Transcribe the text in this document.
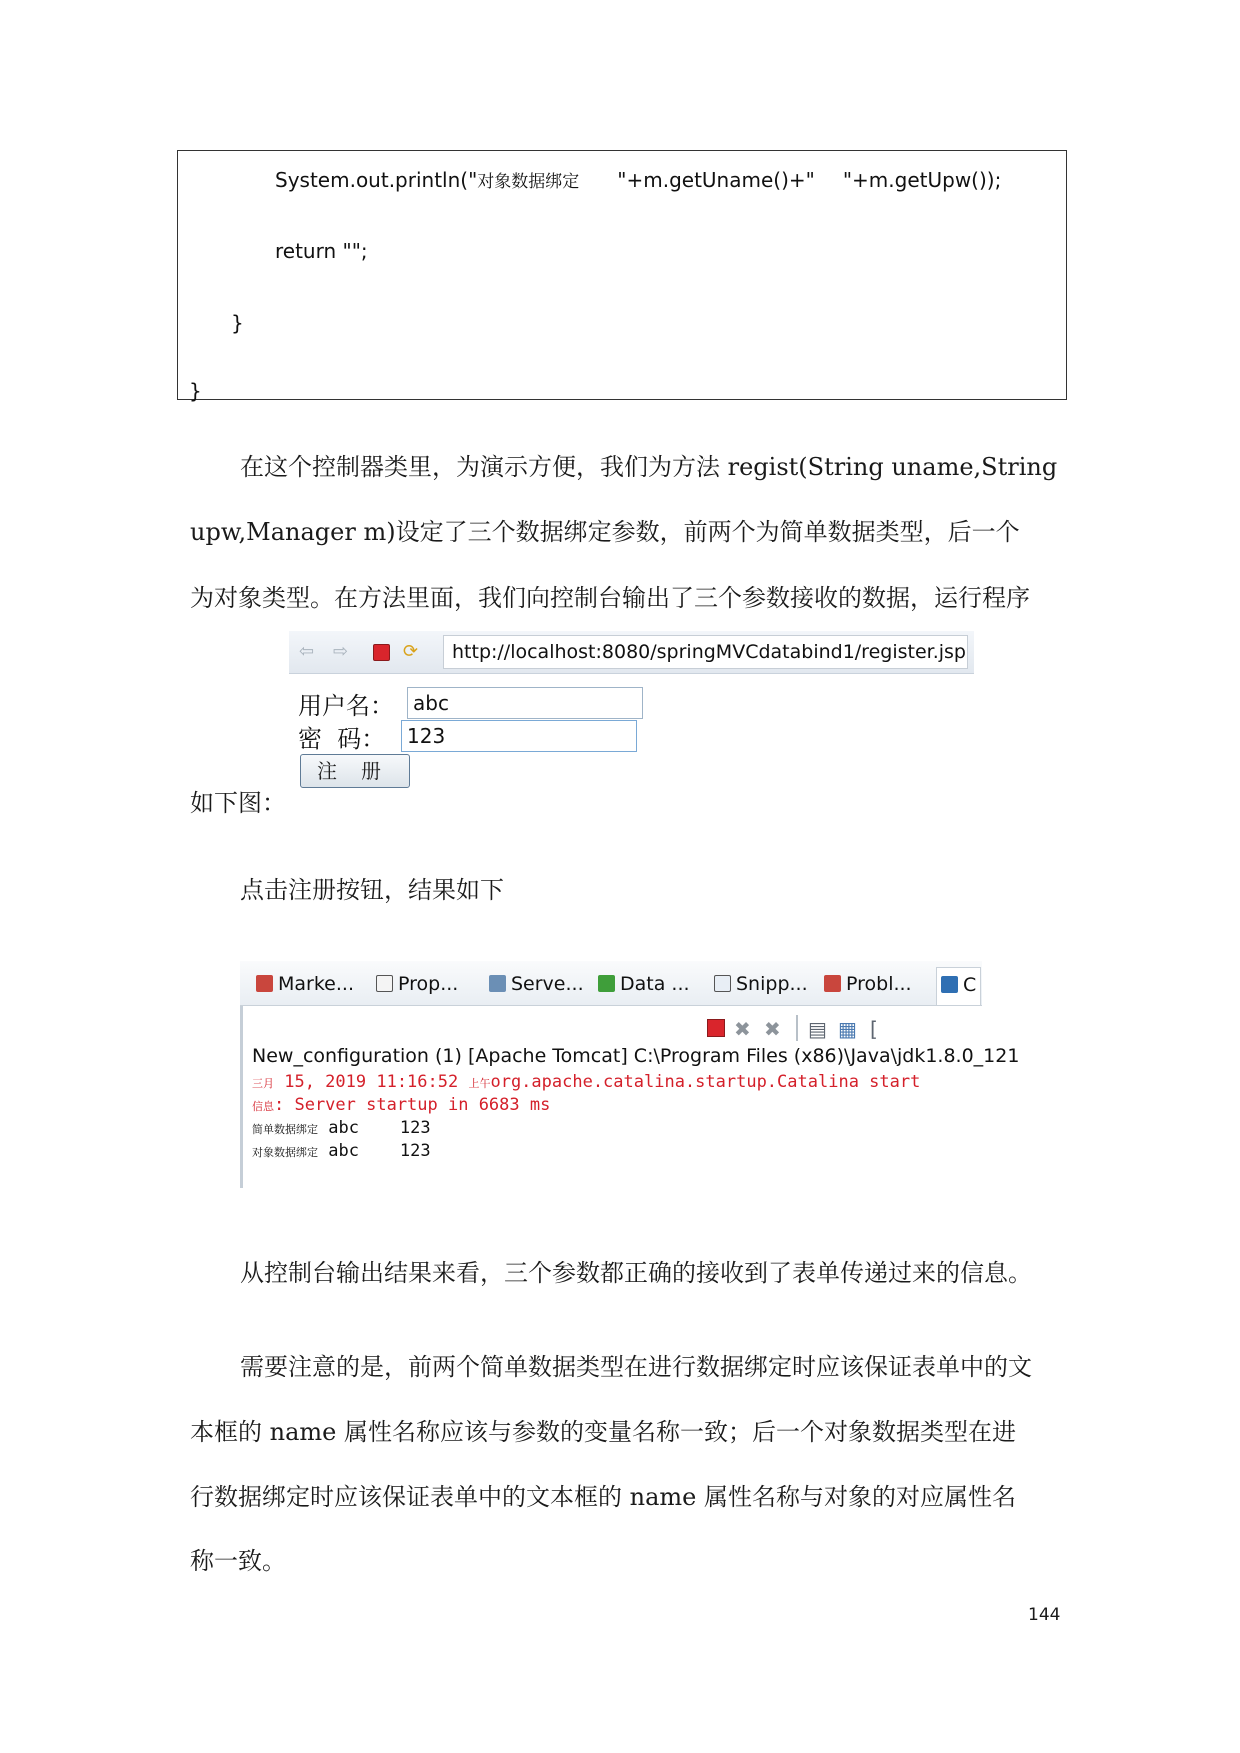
System.out.println("对象数据绑定 "+m.getUname()+" "+m.getUpw());
return "";
}
}
在这个控制器类里，为演示方便，我们为方法 regist(String uname,String
upw,Manager m)设定了三个数据绑定参数，前两个为简单数据类型，后一个
为对象类型。在方法里面，我们向控制台输出了三个参数接收的数据，运行程序
⇦ ⇨	⟳	http://localhost:8080/springMVCdatabind1/register.jsp
用户名： abc
密  码：	123
注册
如下图：
点击注册按钮，结果如下
Marke...	Prop...	Serve...	Data ...	Snipp...	Probl...	C
✖ ✖ ▤ ▦ [
New_configuration (1) [Apache Tomcat] C:\Program Files (x86)\Java\jdk1.8.0_121
三月 15, 2019 11:16:52 上午org.apache.catalina.startup.Catalina start
信息: Server startup in 6683 ms
简单数据绑定 abc    123
对象数据绑定 abc    123
从控制台输出结果来看，三个参数都正确的接收到了表单传递过来的信息。
需要注意的是，前两个简单数据类型在进行数据绑定时应该保证表单中的文
本框的 name 属性名称应该与参数的变量名称一致；后一个对象数据类型在进
行数据绑定时应该保证表单中的文本框的 name 属性名称与对象的对应属性名
称一致。
144
